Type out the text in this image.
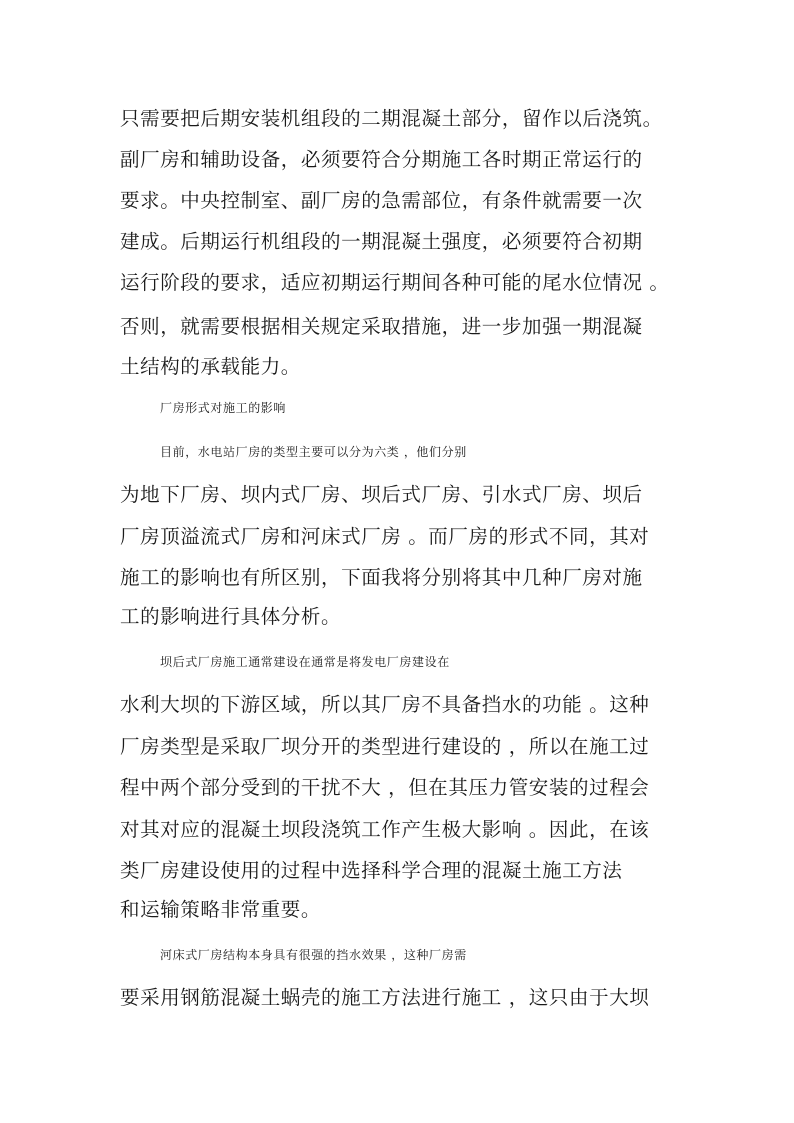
只需要把后期安装机组段的二期混凝土部分，留作以后浇筑。
副厂房和辅助设备，必须要符合分期施工各时期正常运行的
要求。中央控制室、副厂房的急需部位，有条件就需要一次
建成。后期运行机组段的一期混凝土强度，必须要符合初期
运行阶段的要求，适应初期运行期间各种可能的尾水位情况 。
否则，就需要根据相关规定采取措施，进一步加强一期混凝
土结构的承载能力。
厂房形式对施工的影响
目前，水电站厂房的类型主要可以分为六类 ，他们分别
为地下厂房、坝内式厂房、坝后式厂房、引水式厂房、坝后
厂房顶溢流式厂房和河床式厂房 。而厂房的形式不同，其对
施工的影响也有所区别，下面我将分别将其中几种厂房对施
工的影响进行具体分析。
坝后式厂房施工通常建设在通常是将发电厂房建设在
水利大坝的下游区域，所以其厂房不具备挡水的功能 。这种
厂房类型是采取厂坝分开的类型进行建设的 ，所以在施工过
程中两个部分受到的干扰不大 ，但在其压力管安装的过程会
对其对应的混凝土坝段浇筑工作产生极大影响 。因此，在该
类厂房建设使用的过程中选择科学合理的混凝土施工方法
和运输策略非常重要。
河床式厂房结构本身具有很强的挡水效果 ，这种厂房需
要采用钢筋混凝土蜗壳的施工方法进行施工 ，这只由于大坝
